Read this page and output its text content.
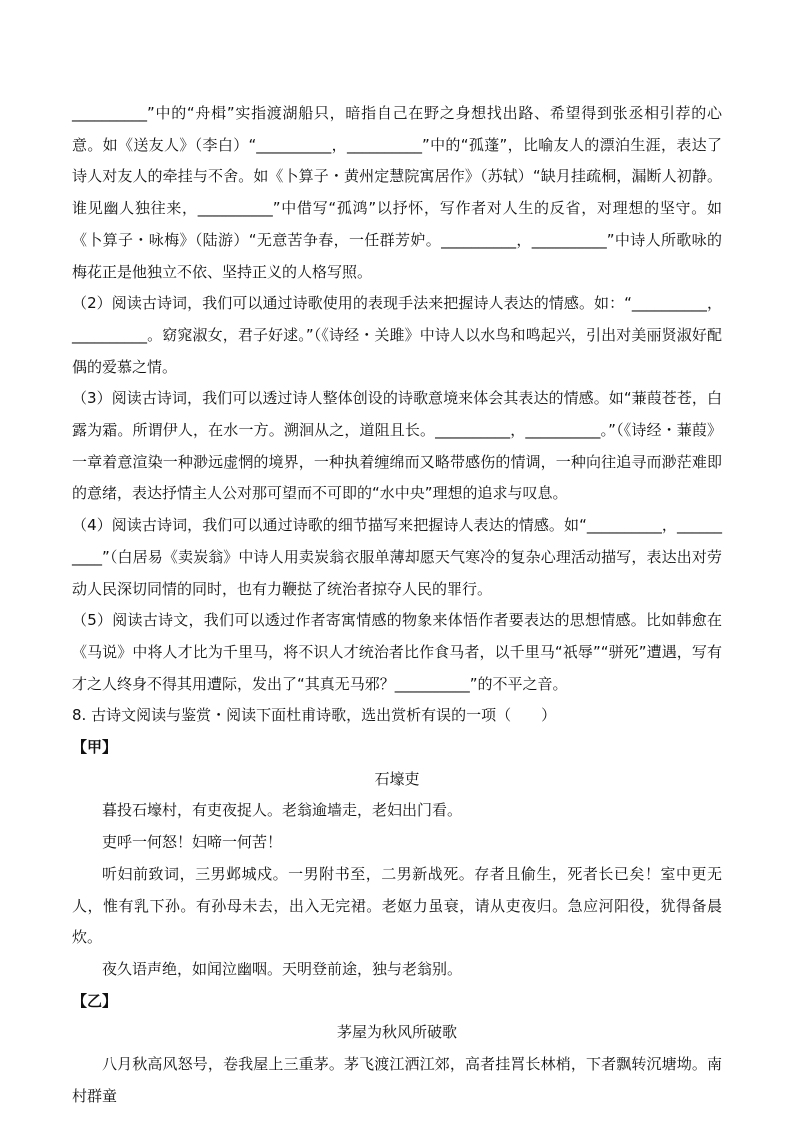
__________”中的“舟楫”实指渡湖船只，暗指自己在野之身想找出路、希望得到张丞相引荐的心意。如《送友人》（李白）“__________，__________”中的“孤蓬”，比喻友人的漂泊生涯，表达了诗人对友人的牵挂与不舍。如《卜算子・黄州定慧院寓居作》（苏轼）“缺月挂疏桐，漏断人初静。谁见幽人独往来，__________”中借写“孤鸿”以抒怀，写作者对人生的反省，对理想的坚守。如《卜算子・咏梅》（陆游）“无意苦争春，一任群芳妒。__________，__________”中诗人所歌咏的梅花正是他独立不依、坚持正义的人格写照。

（2）阅读古诗词，我们可以通过诗歌使用的表现手法来把握诗人表达的情感。如：“__________，__________。窈窕淑女，君子好逑。”（《诗经・关雎》中诗人以水鸟和鸣起兴，引出对美丽贤淑好配偶的爱慕之情。

（3）阅读古诗词，我们可以透过诗人整体创设的诗歌意境来体会其表达的情感。如“蒹葭苍苍，白露为霜。所谓伊人，在水一方。溯洄从之，道阻且长。__________，__________。”（《诗经・蒹葭》一章着意渲染一种渺远虚惘的境界，一种执着缠绵而又略带感伤的情调，一种向往追寻而渺茫难即的意绪，表达抒情主人公对那可望而不可即的“水中央”理想的追求与叹息。

（4）阅读古诗词，我们可以通过诗歌的细节描写来把握诗人表达的情感。如“__________，__________”（白居易《卖炭翁》中诗人用卖炭翁衣服单薄却愿天气寒冷的复杂心理活动描写，表达出对劳动人民深切同情的同时，也有力鞭挞了统治者掠夺人民的罪行。

（5）阅读古诗文，我们可以透过作者寄寓情感的物象来体悟作者要表达的思想情感。比如韩愈在《马说》中将人才比为千里马，将不识人才统治者比作食马者，以千里马“祇辱”“骈死”遭遇，写有才之人终身不得其用遭际，发出了“其真无马邪？__________”的不平之音。

8. 古诗文阅读与鉴赏・阅读下面杜甫诗歌，选出赏析有误的一项（　　）

【甲】

石壕吏

暮投石壕村，有吏夜捉人。老翁逾墙走，老妇出门看。

吏呼一何怒！妇啼一何苦！

听妇前致词，三男邺城戍。一男附书至，二男新战死。存者且偷生，死者长已矣！室中更无人，惟有乳下孙。有孙母未去，出入无完裙。老妪力虽衰，请从吏夜归。急应河阳役，犹得备晨炊。

夜久语声绝，如闻泣幽咽。天明登前途，独与老翁别。

【乙】

茅屋为秋风所破歌

八月秋高风怒号，卷我屋上三重茅。茅飞渡江洒江郊，高者挂罥长林梢，下者飘转沉塘坳。南村群童
